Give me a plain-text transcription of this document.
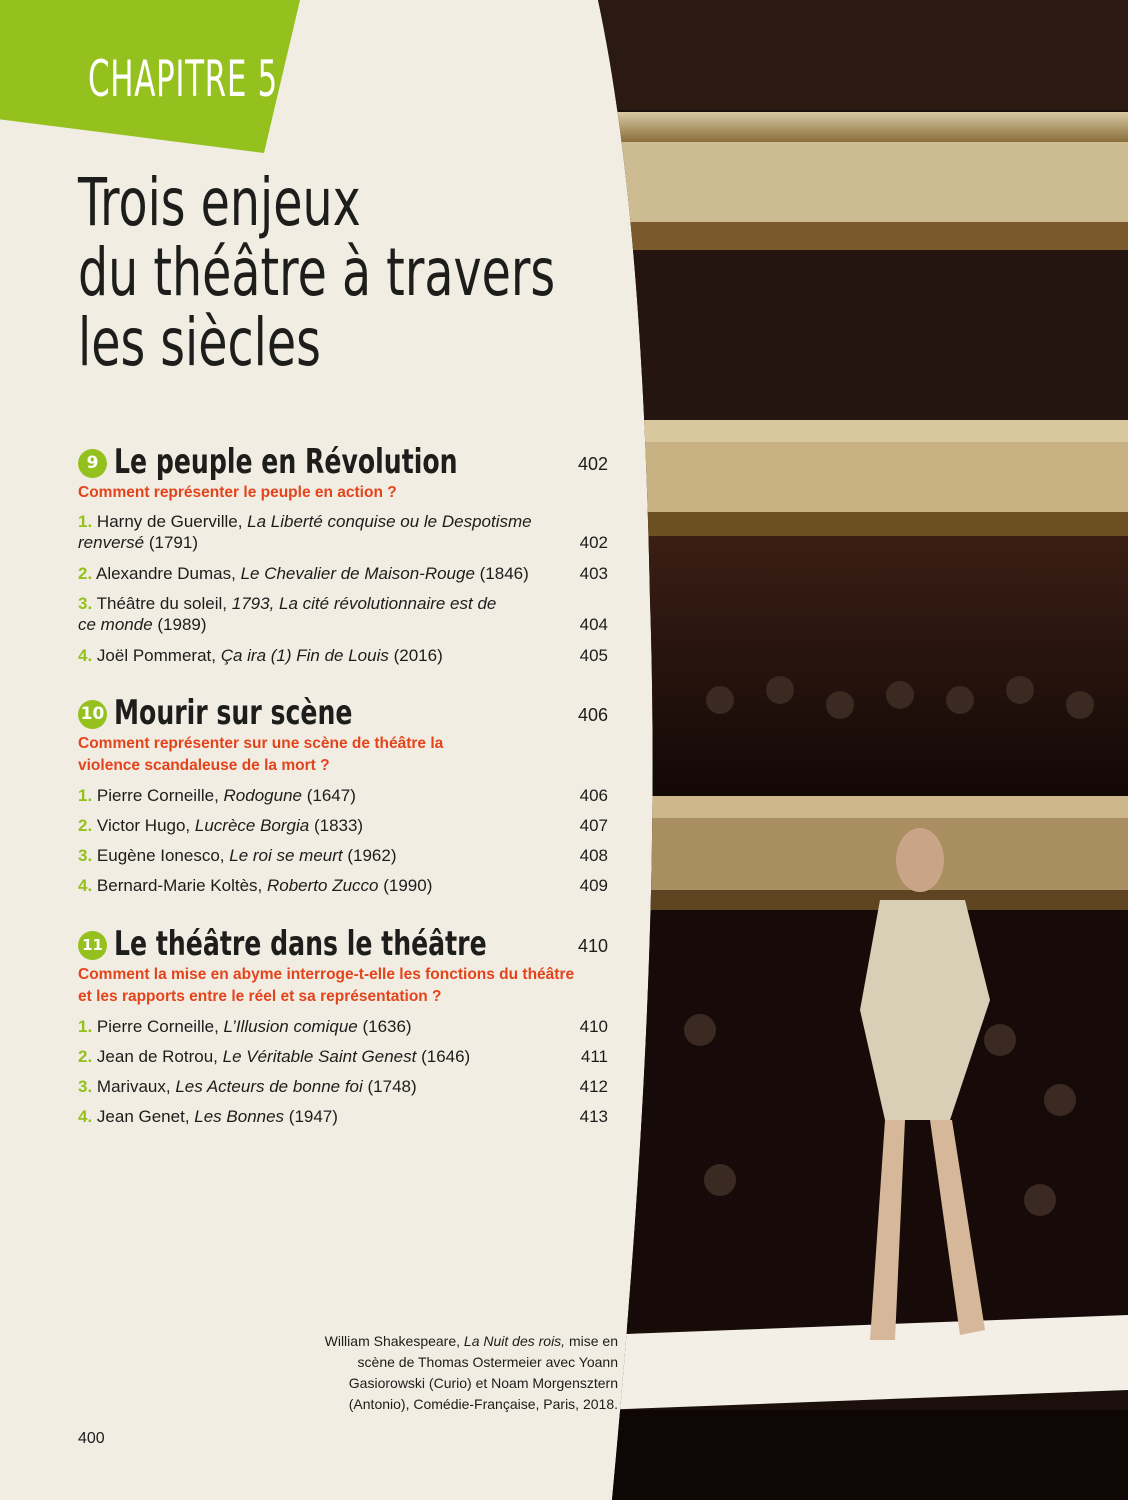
CHAPITRE 5
Trois enjeux
du théâtre à travers
les siècles
9 Le peuple en Révolution	402

Comment représenter le peuple en action ?

1. Harny de Guerville, La Liberté conquise ou le Despotisme renversé (1791)	402
2. Alexandre Dumas, Le Chevalier de Maison-Rouge (1846)	403
3. Théâtre du soleil, 1793, La cité révolutionnaire est de ce monde (1989)	404
4. Joël Pommerat, Ça ira (1) Fin de Louis (2016)	405
10 Mourir sur scène	406

Comment représenter sur une scène de théâtre la violence scandaleuse de la mort ?

1. Pierre Corneille, Rodogune (1647)	406
2. Victor Hugo, Lucrèce Borgia (1833)	407
3. Eugène Ionesco, Le roi se meurt (1962)	408
4. Bernard-Marie Koltès, Roberto Zucco (1990)	409
11 Le théâtre dans le théâtre	410

Comment la mise en abyme interroge-t-elle les fonctions du théâtre et les rapports entre le réel et sa représentation ?

1. Pierre Corneille, L’Illusion comique (1636)	410
2. Jean de Rotrou, Le Véritable Saint Genest (1646)	411
3. Marivaux, Les Acteurs de bonne foi (1748)	412
4. Jean Genet, Les Bonnes (1947)	413
William Shakespeare, La Nuit des rois, mise en scène de Thomas Ostermeier avec Yoann Gasiorowski (Curio) et Noam Morgensztern (Antonio), Comédie-Française, Paris, 2018.
400
